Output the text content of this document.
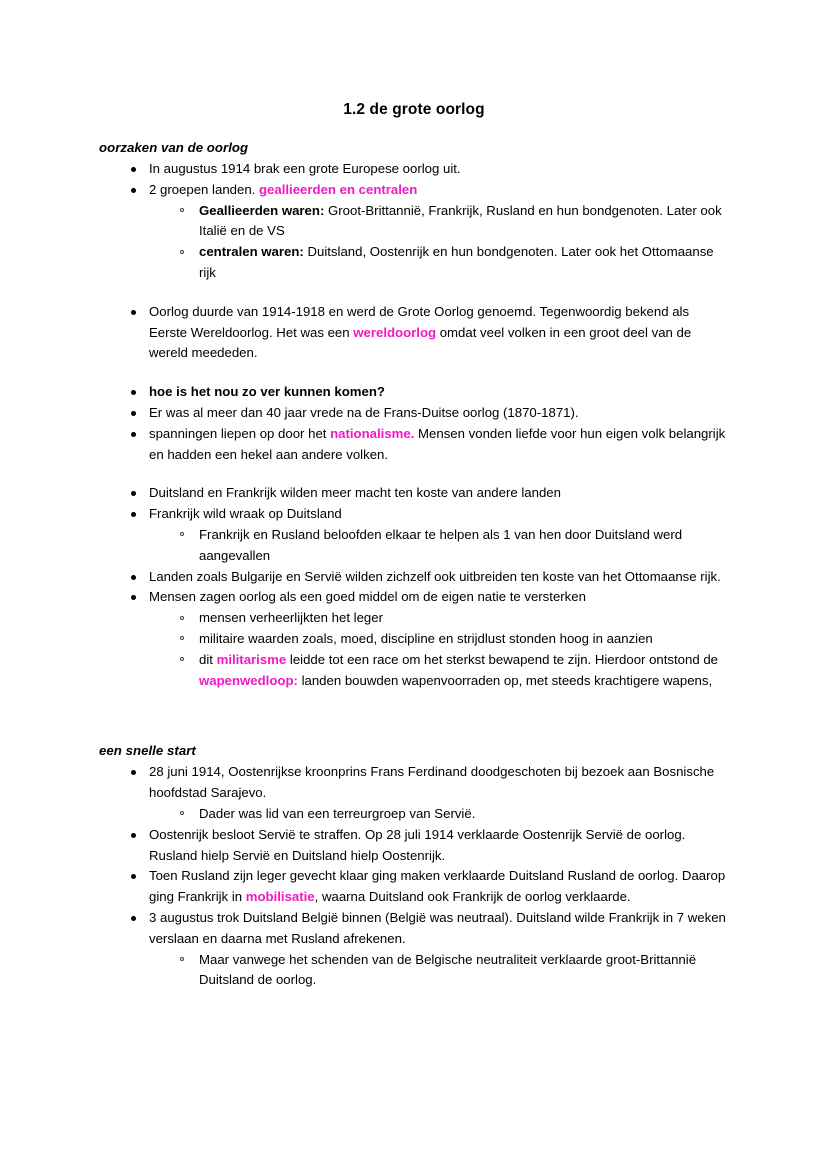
1.2 de grote oorlog
oorzaken van de oorlog
In augustus 1914 brak een grote Europese oorlog uit.
2 groepen landen. geallieerden en centralen
Geallieerden waren: Groot-Brittannië, Frankrijk, Rusland en hun bondgenoten. Later ook Italië en de VS
centralen waren: Duitsland, Oostenrijk en hun bondgenoten. Later ook het Ottomaanse rijk
Oorlog duurde van 1914-1918 en werd de Grote Oorlog genoemd. Tegenwoordig bekend als Eerste Wereldoorlog. Het was een wereldoorlog omdat veel volken in een groot deel van de wereld meededen.
hoe is het nou zo ver kunnen komen?
Er was al meer dan 40 jaar vrede na de Frans-Duitse oorlog (1870-1871).
spanningen liepen op door het nationalisme. Mensen vonden liefde voor hun eigen volk belangrijk en hadden een hekel aan andere volken.
Duitsland en Frankrijk wilden meer macht ten koste van andere landen
Frankrijk wild wraak op Duitsland
Frankrijk en Rusland beloofden elkaar te helpen als 1 van hen door Duitsland werd aangevallen
Landen zoals Bulgarije en Servië wilden zichzelf ook uitbreiden ten koste van het Ottomaanse rijk.
Mensen zagen oorlog als een goed middel om de eigen natie te versterken
mensen verheerlijkten het leger
militaire waarden zoals, moed, discipline en strijdlust stonden hoog in aanzien
dit militarisme leidde tot een race om het sterkst bewapend te zijn. Hierdoor ontstond de wapenwedloop: landen bouwden wapenvoorraden op, met steeds krachtigere wapens,
een snelle start
28 juni 1914, Oostenrijkse kroonprins Frans Ferdinand doodgeschoten bij bezoek aan Bosnische hoofdstad Sarajevo.
Dader was lid van een terreurgroep van Servië.
Oostenrijk besloot Servië te straffen. Op 28 juli 1914 verklaarde Oostenrijk Servië de oorlog. Rusland hielp Servië en Duitsland hielp Oostenrijk.
Toen Rusland zijn leger gevecht klaar ging maken verklaarde Duitsland Rusland de oorlog. Daarop ging Frankrijk in mobilisatie, waarna Duitsland ook Frankrijk de oorlog verklaarde.
3 augustus trok Duitsland België binnen (België was neutraal). Duitsland wilde Frankrijk in 7 weken verslaan en daarna met Rusland afrekenen.
Maar vanwege het schenden van de Belgische neutraliteit verklaarde groot-Brittannië Duitsland de oorlog.
